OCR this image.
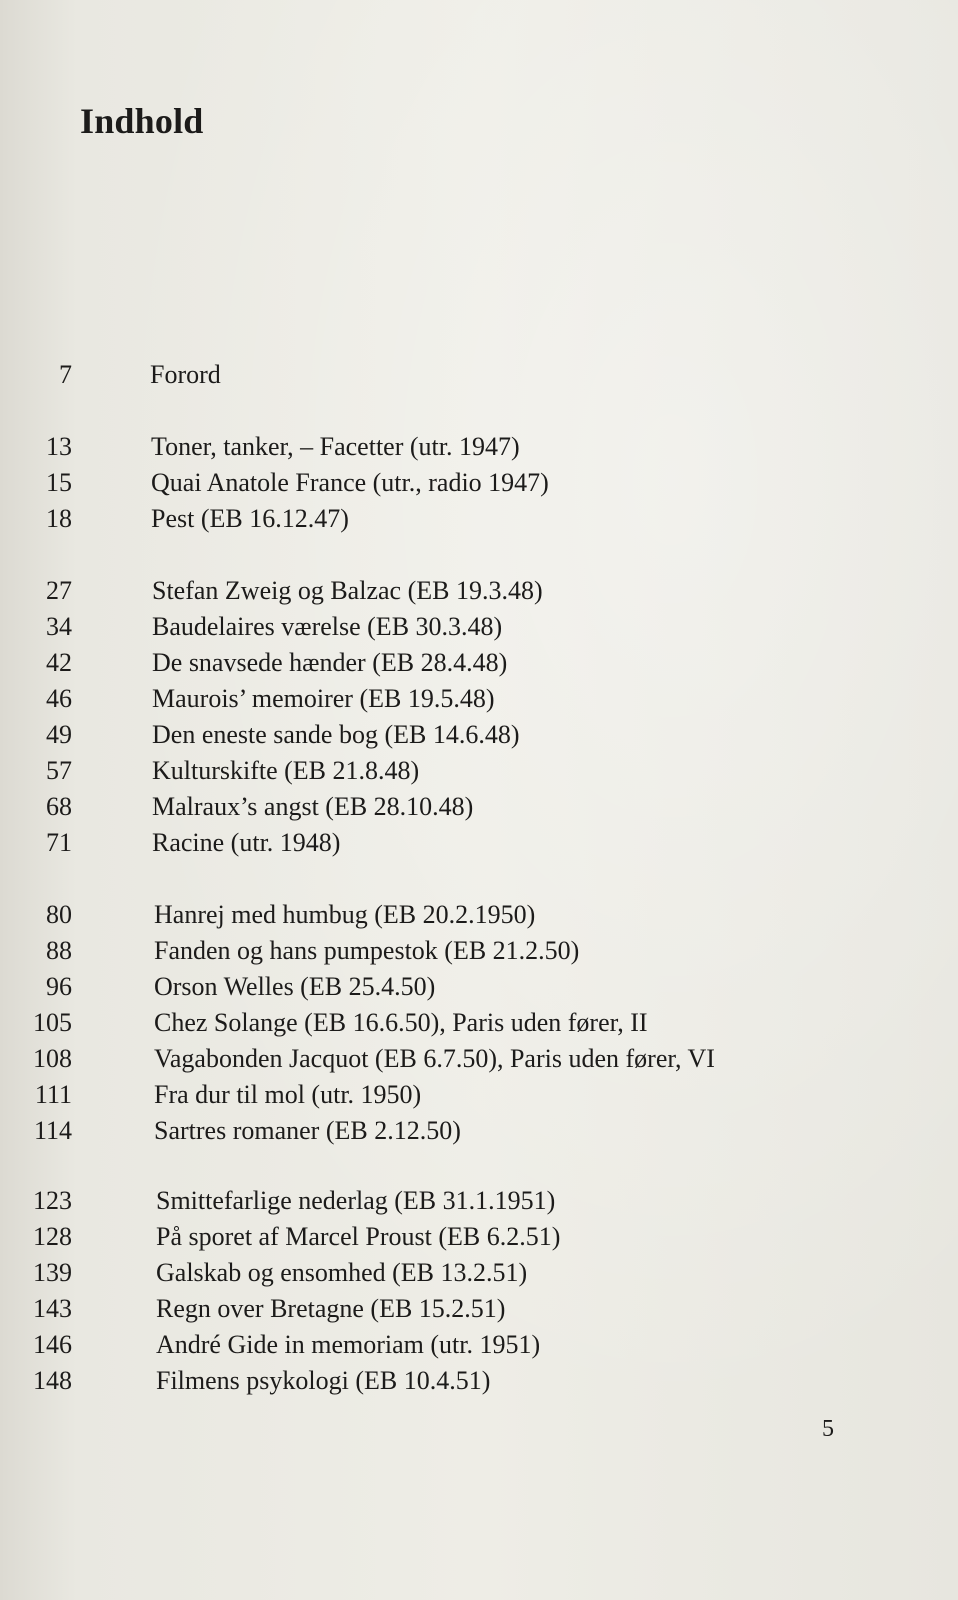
Indhold
7	Forord
13	Toner, tanker, – Facetter (utr. 1947)
15	Quai Anatole France (utr., radio 1947)
18	Pest (EB 16.12.47)
27	Stefan Zweig og Balzac (EB 19.3.48)
34	Baudelaires værelse (EB 30.3.48)
42	De snavsede hænder (EB 28.4.48)
46	Maurois’ memoirer (EB 19.5.48)
49	Den eneste sande bog (EB 14.6.48)
57	Kulturskifte (EB 21.8.48)
68	Malraux’s angst (EB 28.10.48)
71	Racine (utr. 1948)
80	Hanrej med humbug (EB 20.2.1950)
88	Fanden og hans pumpestok (EB 21.2.50)
96	Orson Welles (EB 25.4.50)
105	Chez Solange (EB 16.6.50), Paris uden fører, II
108	Vagabonden Jacquot (EB 6.7.50), Paris uden fører, VI
111	Fra dur til mol (utr. 1950)
114	Sartres romaner (EB 2.12.50)
123	Smittefarlige nederlag (EB 31.1.1951)
128	På sporet af Marcel Proust (EB 6.2.51)
139	Galskab og ensomhed (EB 13.2.51)
143	Regn over Bretagne (EB 15.2.51)
146	André Gide in memoriam (utr. 1951)
148	Filmens psykologi (EB 10.4.51)
5
